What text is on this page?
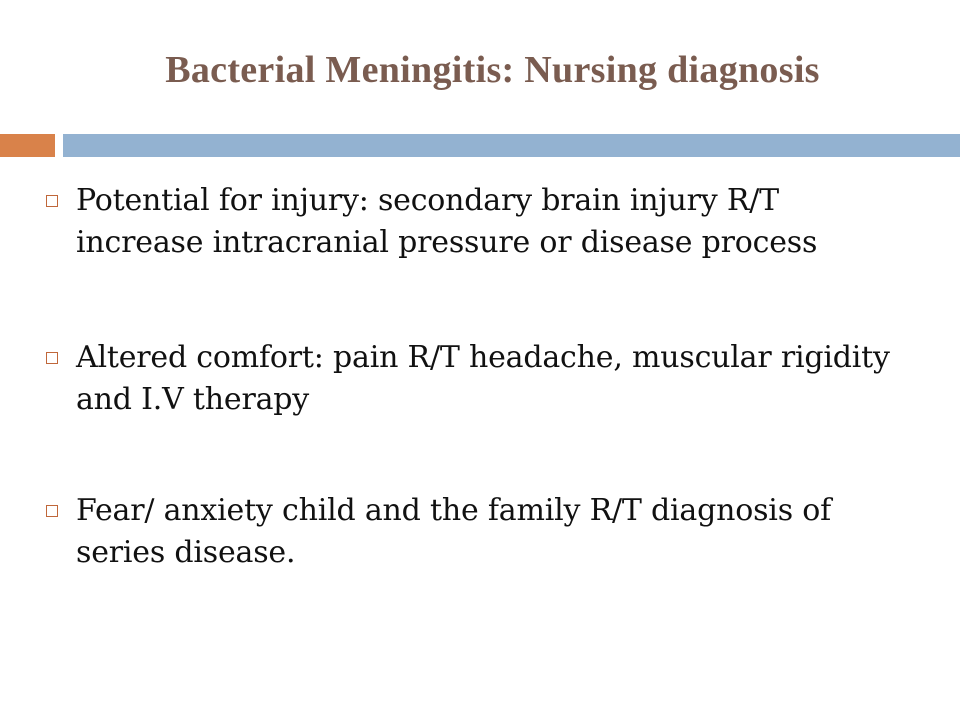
Bacterial Meningitis: Nursing diagnosis
Potential for injury: secondary brain injury R/T increase intracranial pressure or disease process
Altered comfort: pain R/T headache, muscular rigidity and I.V therapy
Fear/ anxiety child and the family R/T diagnosis of series disease.
